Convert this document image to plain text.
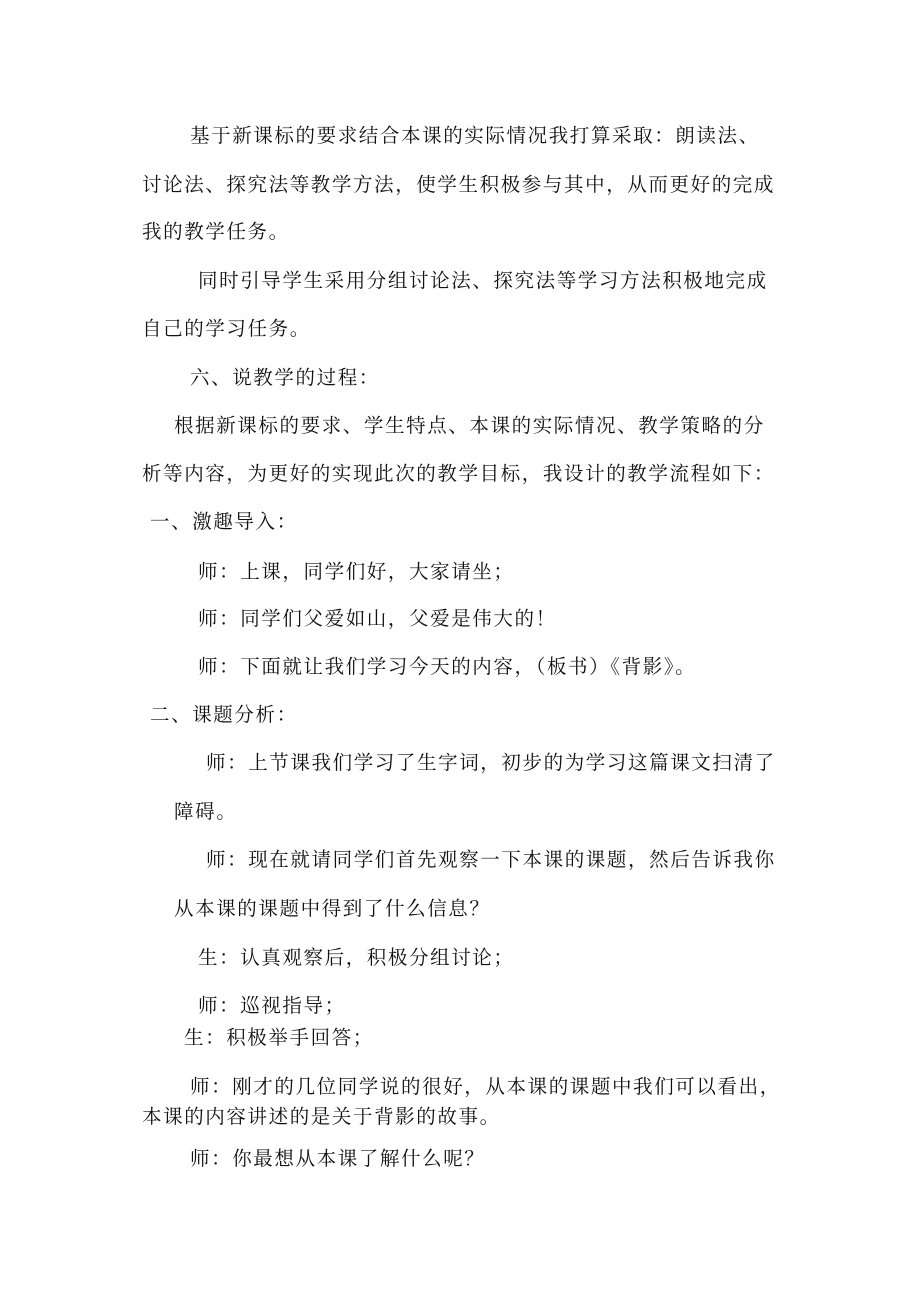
基于新课标的要求结合本课的实际情况我打算采取：朗读法、
讨论法、探究法等教学方法，使学生积极参与其中，从而更好的完成
我的教学任务。
同时引导学生采用分组讨论法、探究法等学习方法积极地完成
自己的学习任务。
六、说教学的过程：
根据新课标的要求、学生特点、本课的实际情况、教学策略的分
析等内容，为更好的实现此次的教学目标，我设计的教学流程如下：
一、激趣导入：
师：上课，同学们好，大家请坐；
师：同学们父爱如山，父爱是伟大的！
师：下面就让我们学习今天的内容，（板书）《背影》。
二、课题分析：
师：上节课我们学习了生字词，初步的为学习这篇课文扫清了
障碍。
师：现在就请同学们首先观察一下本课的课题，然后告诉我你
从本课的课题中得到了什么信息？
生：认真观察后，积极分组讨论；
师：巡视指导；
生：积极举手回答；
师：刚才的几位同学说的很好，从本课的课题中我们可以看出，
本课的内容讲述的是关于背影的故事。
师：你最想从本课了解什么呢？
